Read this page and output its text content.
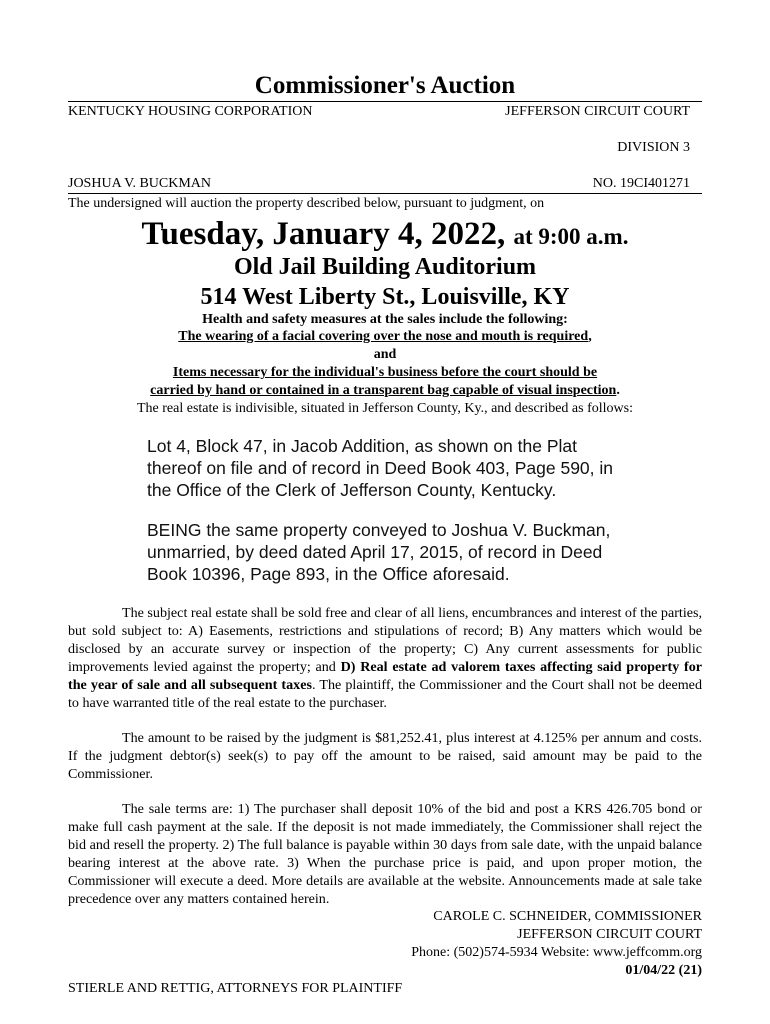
Commissioner's Auction
KENTUCKY HOUSING CORPORATION	JEFFERSON CIRCUIT COURT
DIVISION 3
JOSHUA V. BUCKMAN	NO. 19CI401271
The undersigned will auction the property described below, pursuant to judgment, on
Tuesday, January 4, 2022, at 9:00 a.m.
Old Jail Building Auditorium
514 West Liberty St., Louisville, KY
Health and safety measures at the sales include the following:
The wearing of a facial covering over the nose and mouth is required,
and
Items necessary for the individual's business before the court should be
carried by hand or contained in a transparent bag capable of visual inspection.
The real estate is indivisible, situated in Jefferson County, Ky., and described as follows:
Lot 4, Block 47, in Jacob Addition, as shown on the Plat
thereof on file and of record in Deed Book 403, Page 590, in
the Office of the Clerk of Jefferson County, Kentucky.
BEING the same property conveyed to Joshua V. Buckman,
unmarried, by deed dated April 17, 2015, of record in Deed
Book 10396, Page 893, in the Office aforesaid.
The subject real estate shall be sold free and clear of all liens, encumbrances and interest of the parties, but sold subject to: A) Easements, restrictions and stipulations of record; B) Any matters which would be disclosed by an accurate survey or inspection of the property; C) Any current assessments for public improvements levied against the property; and D) Real estate ad valorem taxes affecting said property for the year of sale and all subsequent taxes. The plaintiff, the Commissioner and the Court shall not be deemed to have warranted title of the real estate to the purchaser.
The amount to be raised by the judgment is $81,252.41, plus interest at 4.125% per annum and costs. If the judgment debtor(s) seek(s) to pay off the amount to be raised, said amount may be paid to the Commissioner.
The sale terms are: 1) The purchaser shall deposit 10% of the bid and post a KRS 426.705 bond or make full cash payment at the sale. If the deposit is not made immediately, the Commissioner shall reject the bid and resell the property. 2) The full balance is payable within 30 days from sale date, with the unpaid balance bearing interest at the above rate. 3) When the purchase price is paid, and upon proper motion, the Commissioner will execute a deed. More details are available at the website. Announcements made at sale take precedence over any matters contained herein.
CAROLE C. SCHNEIDER, COMMISSIONER
JEFFERSON CIRCUIT COURT
Phone: (502)574-5934 Website: www.jeffcomm.org
01/04/22 (21)
STIERLE AND RETTIG, ATTORNEYS FOR PLAINTIFF
